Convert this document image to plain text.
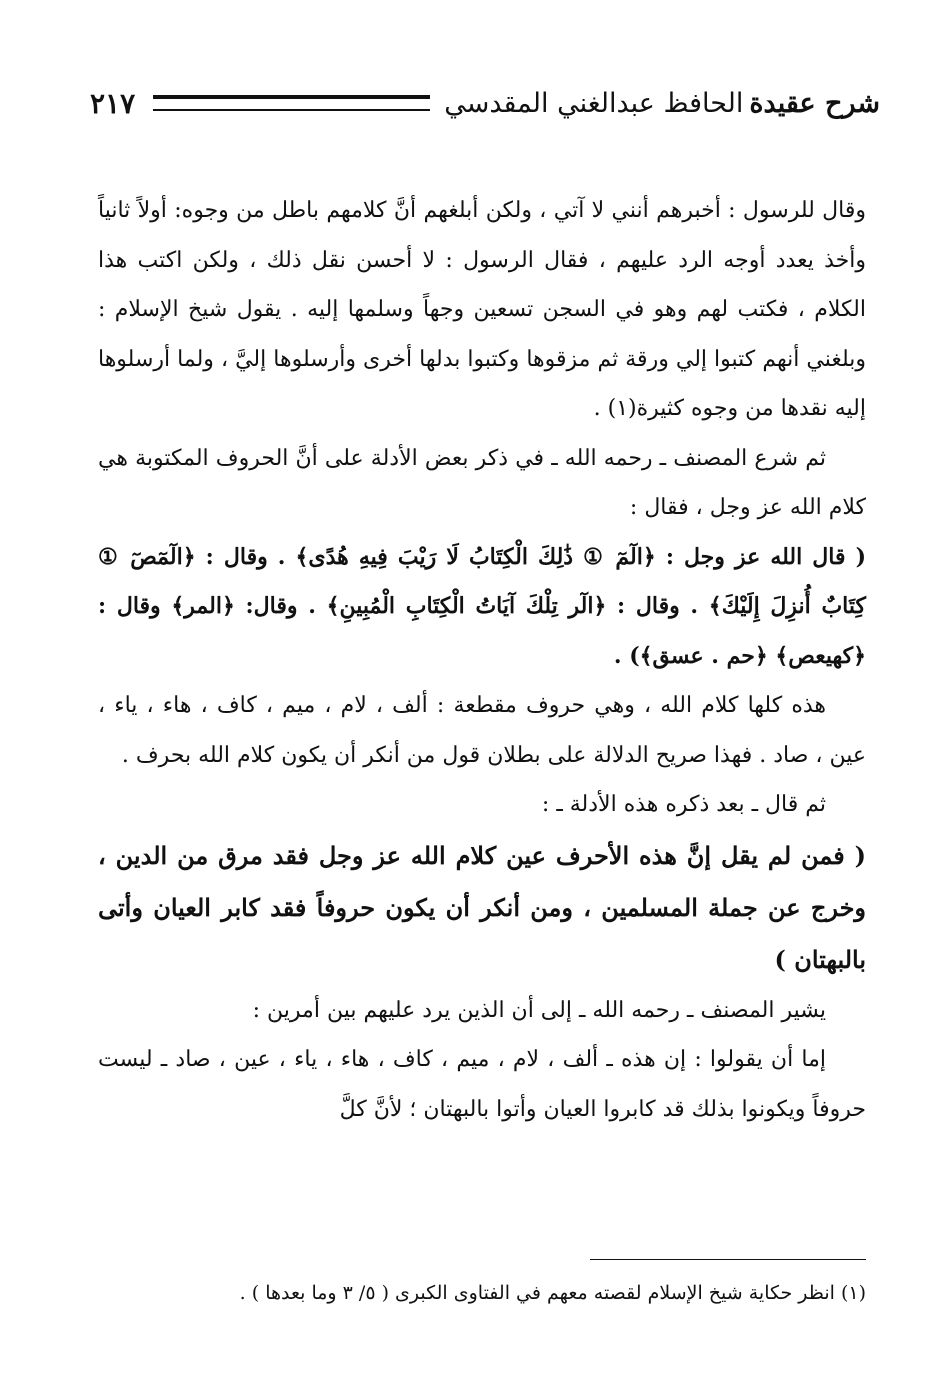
شرح عقيدةالحافظ عبدالغني المقدسي
٢١٧

وقال للرسول : أخبرهم أنني لا آتي ، ولكن أبلغهم أنَّ كلامهم باطل من وجوه: أولاً ثانياً وأخذ يعدد أوجه الرد عليهم ، فقال الرسول : لا أحسن نقل ذلك ، ولكن اكتب هذا الكلام ، فكتب لهم وهو في السجن تسعين وجهاً وسلمها إليه . يقول شيخ الإسلام : وبلغني أنهم كتبوا إلي ورقة ثم مزقوها وكتبوا بدلها أخرى وأرسلوها إليَّ ، ولما أرسلوها إليه نقدها من وجوه كثيرة(١) .

ثم شرع المصنف ـ رحمه الله ـ في ذكر بعض الأدلة على أنَّ الحروف المكتوبة هي كلام الله عز وجل ، فقال :

( قال الله عز وجل : ﴿الٓمٓ ① ذَٰلِكَ الْكِتَابُ لَا رَيْبَ فِيهِ هُدًى﴾ . وقال : ﴿الٓمٓصٓ ① كِتَابٌ أُنزِلَ إِلَيْكَ﴾ . وقال : ﴿الٓر تِلْكَ آيَاتُ الْكِتَابِ الْمُبِينِ﴾ . وقال: ﴿المر﴾ وقال : ﴿كهيعص﴾ ﴿حم . عسق﴾) .

هذه كلها كلام الله ، وهي حروف مقطعة : ألف ، لام ، ميم ، كاف ، هاء ، ياء ، عين ، صاد . فهذا صريح الدلالة على بطلان قول من أنكر أن يكون كلام الله بحرف .

ثم قال ـ بعد ذكره هذه الأدلة ـ :

( فمن لم يقل إنَّ هذه الأحرف عين كلام الله عز وجل فقد مرق من الدين ، وخرج عن جملة المسلمين ، ومن أنكر أن يكون حروفاً فقد كابر العيان وأتى بالبهتان )

يشير المصنف ـ رحمه الله ـ إلى أن الذين يرد عليهم بين أمرين :

إما أن يقولوا : إن هذه ـ ألف ، لام ، ميم ، كاف ، هاء ، ياء ، عين ، صاد ـ ليست حروفاً ويكونوا بذلك قد كابروا العيان وأتوا بالبهتان ؛ لأنَّ كلَّ

(١) انظر حكاية شيخ الإسلام لقصته معهم في الفتاوى الكبرى ( ٥/ ٣ وما بعدها ) .
